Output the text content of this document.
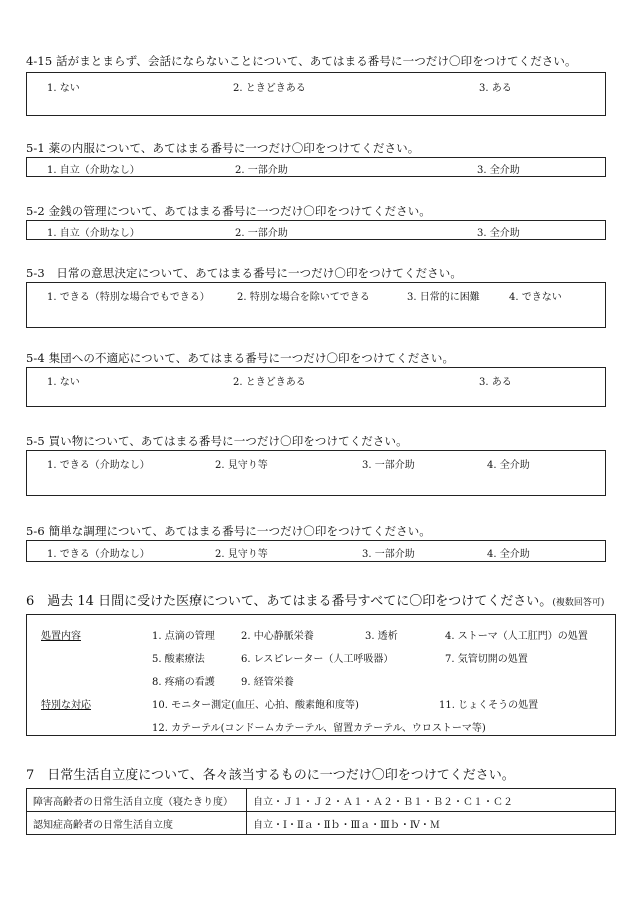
4-15 話がまとまらず、会話にならないことについて、あてはまる番号に一つだけ〇印をつけてください。
1. ない	2. ときどきある	3. ある
5-1 薬の内服について、あてはまる番号に一つだけ〇印をつけてください。
1. 自立（介助なし）	2. 一部介助	3. 全介助
5-2 金銭の管理について、あてはまる番号に一つだけ〇印をつけてください。
1. 自立（介助なし）	2. 一部介助	3. 全介助
5-3　日常の意思決定について、あてはまる番号に一つだけ〇印をつけてください。
1. できる（特別な場合でもできる）	2. 特別な場合を除いてできる	3. 日常的に困難	4. できない
5-4 集団への不適応について、あてはまる番号に一つだけ〇印をつけてください。
1. ない	2. ときどきある	3. ある
5-5 買い物について、あてはまる番号に一つだけ〇印をつけてください。
1. できる（介助なし）	2. 見守り等	3. 一部介助	4. 全介助
5-6 簡単な調理について、あてはまる番号に一つだけ〇印をつけてください。
1. できる（介助なし）	2. 見守り等	3. 一部介助	4. 全介助
6　過去 14 日間に受けた医療について、あてはまる番号すべてに〇印をつけてください。(複数回答可)
処置内容	1. 点滴の管理	2. 中心静脈栄養	3. 透析	4. ストーマ（人工肛門）の処置
5. 酸素療法	6. レスピレーター（人工呼吸器）	7. 気管切開の処置
8. 疼痛の看護	9. 経管栄養
特別な対応	10. モニター測定(血圧、心拍、酸素飽和度等)	11. じょくそうの処置
12. カテーテル(コンドームカテーテル、留置カテーテル、ウロストーマ等)
7　日常生活自立度について、各々該当するものに一つだけ〇印をつけてください。
障害高齢者の日常生活自立度（寝たきり度）	自立・Ｊ１・Ｊ２・Ａ１・Ａ２・Ｂ１・Ｂ２・Ｃ１・Ｃ２
認知症高齢者の日常生活自立度	自立・Ⅰ・Ⅱａ・Ⅱｂ・Ⅲａ・Ⅲｂ・Ⅳ・Ｍ
